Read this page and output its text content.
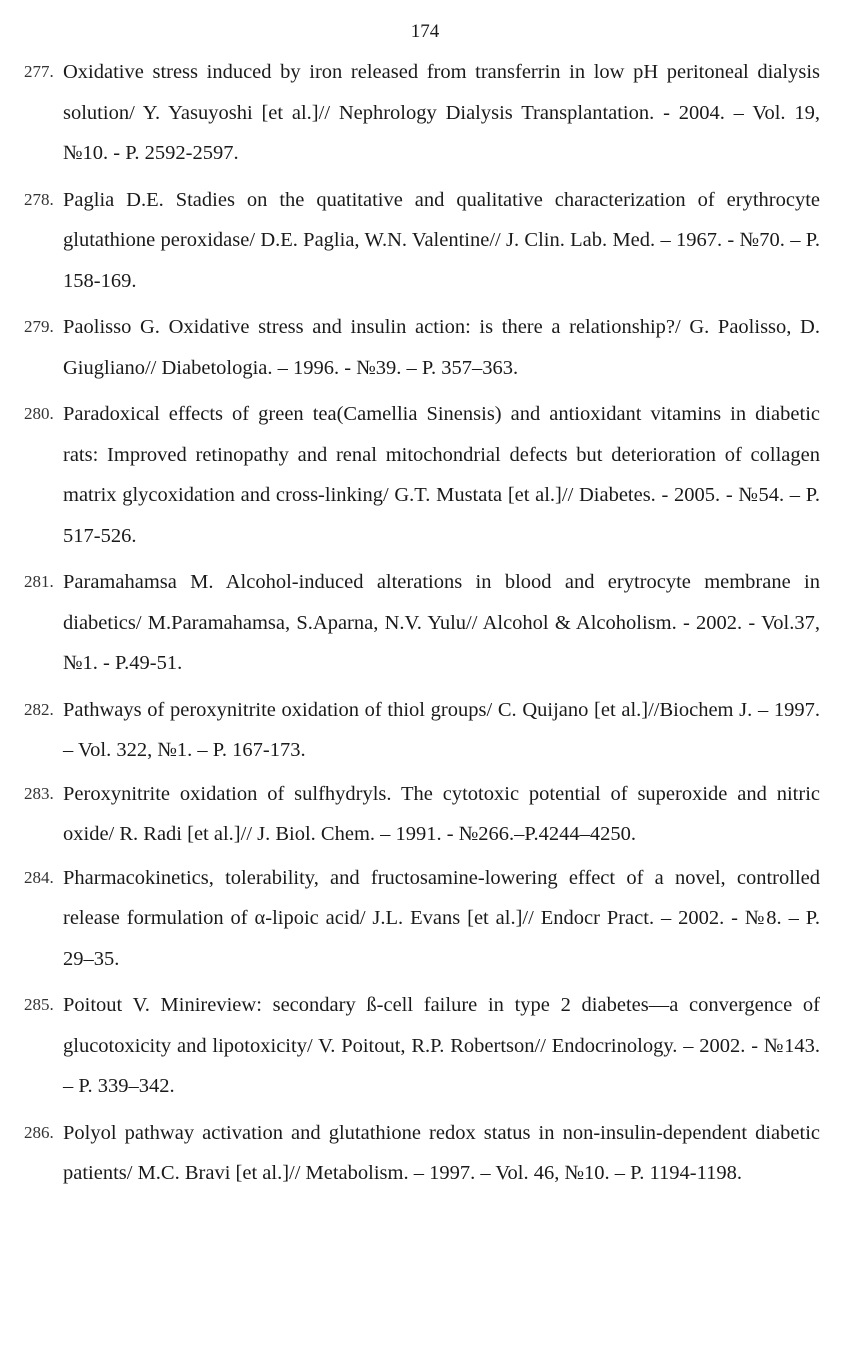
174
277. Oxidative stress induced by iron released from transferrin in low pH peritoneal dialysis solution/ Y. Yasuyoshi [et al.]// Nephrology Dialysis Transplantation. - 2004. – Vol. 19, №10. - P. 2592-2597.
278. Paglia D.E. Stadies on the quatitative and qualitative characterization of erythrocyte glutathione peroxidase/ D.E. Paglia, W.N. Valentine// J. Clin. Lab. Med. – 1967. - №70. – P. 158-169.
279. Paolisso G. Oxidative stress and insulin action: is there a relationship?/ G. Paolisso, D. Giugliano// Diabetologia. – 1996. - №39. – P. 357–363.
280. Paradoxical effects of green tea(Camellia Sinensis) and antioxidant vitamins in diabetic rats: Improved retinopathy and renal mitochondrial defects but deterioration of collagen matrix glycoxidation and cross-linking/ G.T. Mustata [et al.]// Diabetes. - 2005. - №54. – P. 517-526.
281. Paramahamsa M. Alcohol-induced alterations in blood and erytrocyte membrane in diabetics/ M.Paramahamsa, S.Aparna, N.V. Yulu// Alcohol & Alcoholism. - 2002. - Vol.37, №1. - P.49-51.
282. Pathways of peroxynitrite oxidation of thiol groups/ C. Quijano [et al.]//Biochem J. – 1997. – Vol. 322, №1. – P. 167-173.
283. Peroxynitrite oxidation of sulfhydryls. The cytotoxic potential of superoxide and nitric oxide/ R. Radi [et al.]// J. Biol. Chem. – 1991. - №266.–P.4244–4250.
284. Pharmacokinetics, tolerability, and fructosamine-lowering effect of a novel, controlled release formulation of α-lipoic acid/ J.L. Evans [et al.]// Endocr Pract. – 2002. - №8. – P. 29–35.
285. Poitout V. Minireview: secondary ß-cell failure in type 2 diabetes—a convergence of glucotoxicity and lipotoxicity/ V. Poitout, R.P. Robertson// Endocrinology. – 2002. - №143. – P. 339–342.
286. Polyol pathway activation and glutathione redox status in non-insulin-dependent diabetic patients/ M.C. Bravi [et al.]// Metabolism. – 1997. – Vol. 46, №10. – P. 1194-1198.
